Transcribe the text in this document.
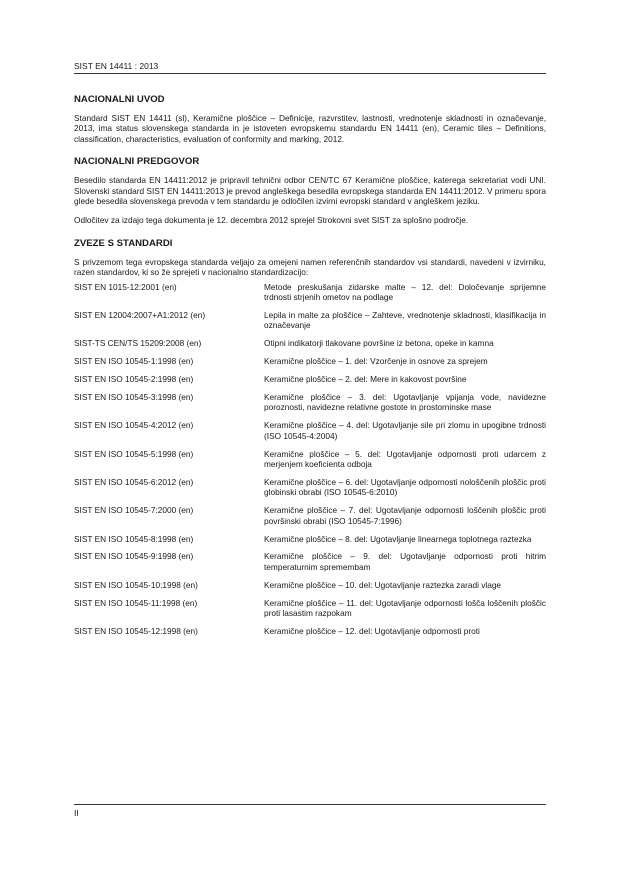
SIST EN 14411 : 2013
NACIONALNI UVOD

Standard SIST EN 14411 (sl), Keramične ploščice – Definicije, razvrstitev, lastnosti, vrednotenje skladnosti in označevanje, 2013, ima status slovenskega standarda in je istoveten evropskemu standardu EN 14411 (en), Ceramic tiles – Definitions, classification, characteristics, evaluation of conformity and marking, 2012.

NACIONALNI PREDGOVOR

Besedilo standarda EN 14411:2012 je pripravil tehnični odbor CEN/TC 67 Keramične ploščice, katerega sekretariat vodi UNI. Slovenski standard SIST EN 14411:2013 je prevod angleškega besedila evropskega standarda EN 14411:2012. V primeru spora glede besedila slovenskega prevoda v tem standardu je odločilen izvirni evropski standard v angleškem jeziku.

Odločitev za izdajo tega dokumenta je 12. decembra 2012 sprejel Strokovni svet SIST za splošno področje.

ZVEZE S STANDARDI

S privzemom tega evropskega standarda veljajo za omejeni namen referenčnih standardov vsi standardi, navedeni v izvirniku, razen standardov, ki so že sprejeti v nacionalno standardizacijo:

SIST EN 1015-12:2001 (en)	Metode preskušanja zidarske malte – 12. del: Določevanje sprijemne trdnosti strjenih ometov na podlage
SIST EN 12004:2007+A1:2012 (en)	Lepila in malte za ploščice – Zahteve, vrednotenje skladnosti, klasifikacija in označevanje
SIST-TS CEN/TS 15209:2008 (en)	Otipni indikatorji tlakovane površine iz betona, opeke in kamna
SIST EN ISO 10545-1:1998 (en)	Keramične ploščice – 1. del: Vzorčenje in osnove za sprejem
SIST EN ISO 10545-2:1998 (en)	Keramične ploščice – 2. del: Mere in kakovost površine
SIST EN ISO 10545-3:1998 (en)	Keramične ploščice – 3. del: Ugotavljanje vpijanja vode, navidezne poroznosti, navidezne relativne gostote in prostorninske mase
SIST EN ISO 10545-4:2012 (en)	Keramične ploščice – 4. del: Ugotavljanje sile pri zlomu in upogibne trdnosti (ISO 10545-4:2004)
SIST EN ISO 10545-5:1998 (en)	Keramične ploščice – 5. del: Ugotavljanje odpornosti proti udarcem z merjenjem koeficienta odboja
SIST EN ISO 10545-6:2012 (en)	Keramične ploščice – 6. del: Ugotavljanje odpornosti nološčenih ploščic proti globinski obrabi (ISO 10545-6:2010)
SIST EN ISO 10545-7:2000 (en)	Keramične ploščice – 7. del: Ugotavljanje odpornosti loščenih ploščic proti površinski obrabi (ISO 10545-7:1996)
SIST EN ISO 10545-8:1998 (en)	Keramične ploščice – 8. del: Ugotavljanje linearnega toplotnega raztezka
SIST EN ISO 10545-9:1998 (en)	Keramične ploščice – 9. del: Ugotavljanje odpornosti proti hitrim temperaturnim spremembam
SIST EN ISO 10545-10:1998 (en)	Keramične ploščice – 10. del: Ugotavljanje raztezka zaradi vlage
SIST EN ISO 10545-11:1998 (en)	Keramične ploščice – 11. del: Ugotavljanje odpornosti lošča loščenih ploščic proti lasastim razpokam
SIST EN ISO 10545-12:1998 (en)	Keramične ploščice – 12. del: Ugotavljanje odpornosti proti
II
